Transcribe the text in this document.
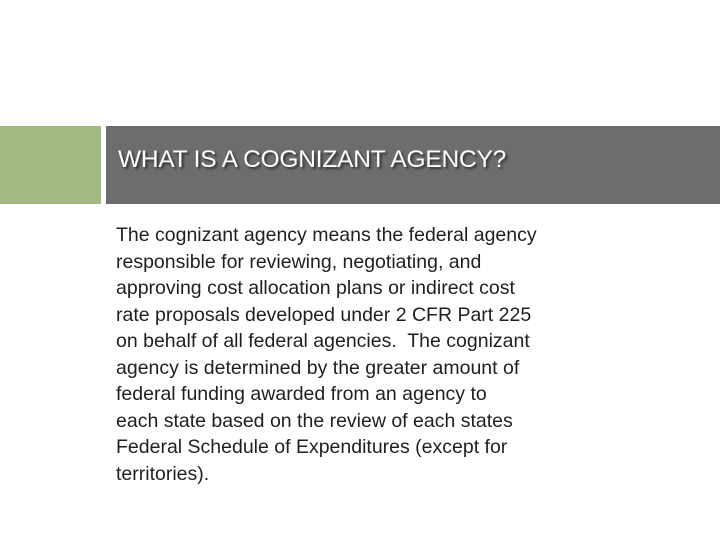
WHAT IS A COGNIZANT AGENCY?

The cognizant agency means the federal agency
responsible for reviewing, negotiating, and
approving cost allocation plans or indirect cost
rate proposals developed under 2 CFR Part 225
on behalf of all federal agencies.  The cognizant
agency is determined by the greater amount of
federal funding awarded from an agency to
each state based on the review of each states
Federal Schedule of Expenditures (except for
territories).
